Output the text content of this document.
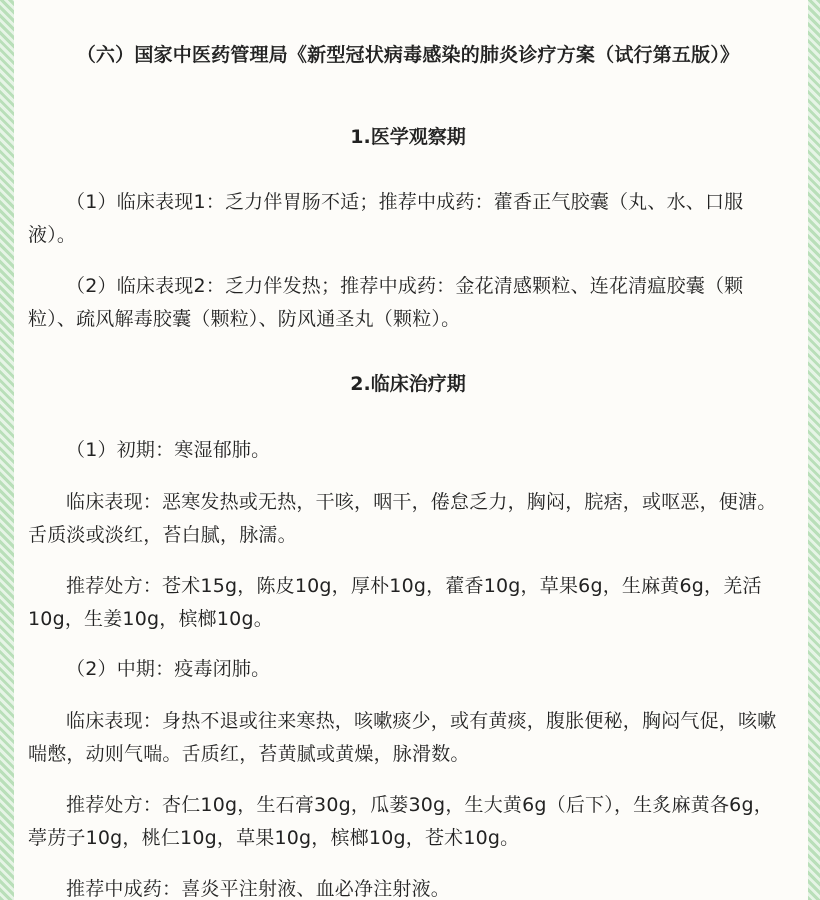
（六）国家中医药管理局《新型冠状病毒感染的肺炎诊疗方案（试行第五版）》
1.医学观察期
（1）临床表现1：乏力伴胃肠不适；推荐中成药：藿香正气胶囊（丸、水、口服液）。
（2）临床表现2：乏力伴发热；推荐中成药：金花清感颗粒、连花清瘟胶囊（颗粒）、疏风解毒胶囊（颗粒）、防风通圣丸（颗粒）。
2.临床治疗期
（1）初期：寒湿郁肺。
临床表现：恶寒发热或无热，干咳，咽干，倦怠乏力，胸闷，脘痞，或呕恶，便溏。舌质淡或淡红，苔白腻，脉濡。
推荐处方：苍术15g，陈皮10g，厚朴10g，藿香10g，草果6g，生麻黄6g，羌活10g，生姜10g，槟榔10g。
（2）中期：疫毒闭肺。
临床表现：身热不退或往来寒热，咳嗽痰少，或有黄痰，腹胀便秘，胸闷气促，咳嗽喘憋，动则气喘。舌质红，苔黄腻或黄燥，脉滑数。
推荐处方：杏仁10g，生石膏30g，瓜蒌30g，生大黄6g（后下），生炙麻黄各6g，葶苈子10g，桃仁10g，草果10g，槟榔10g，苍术10g。
推荐中成药：喜炎平注射液、血必净注射液。
